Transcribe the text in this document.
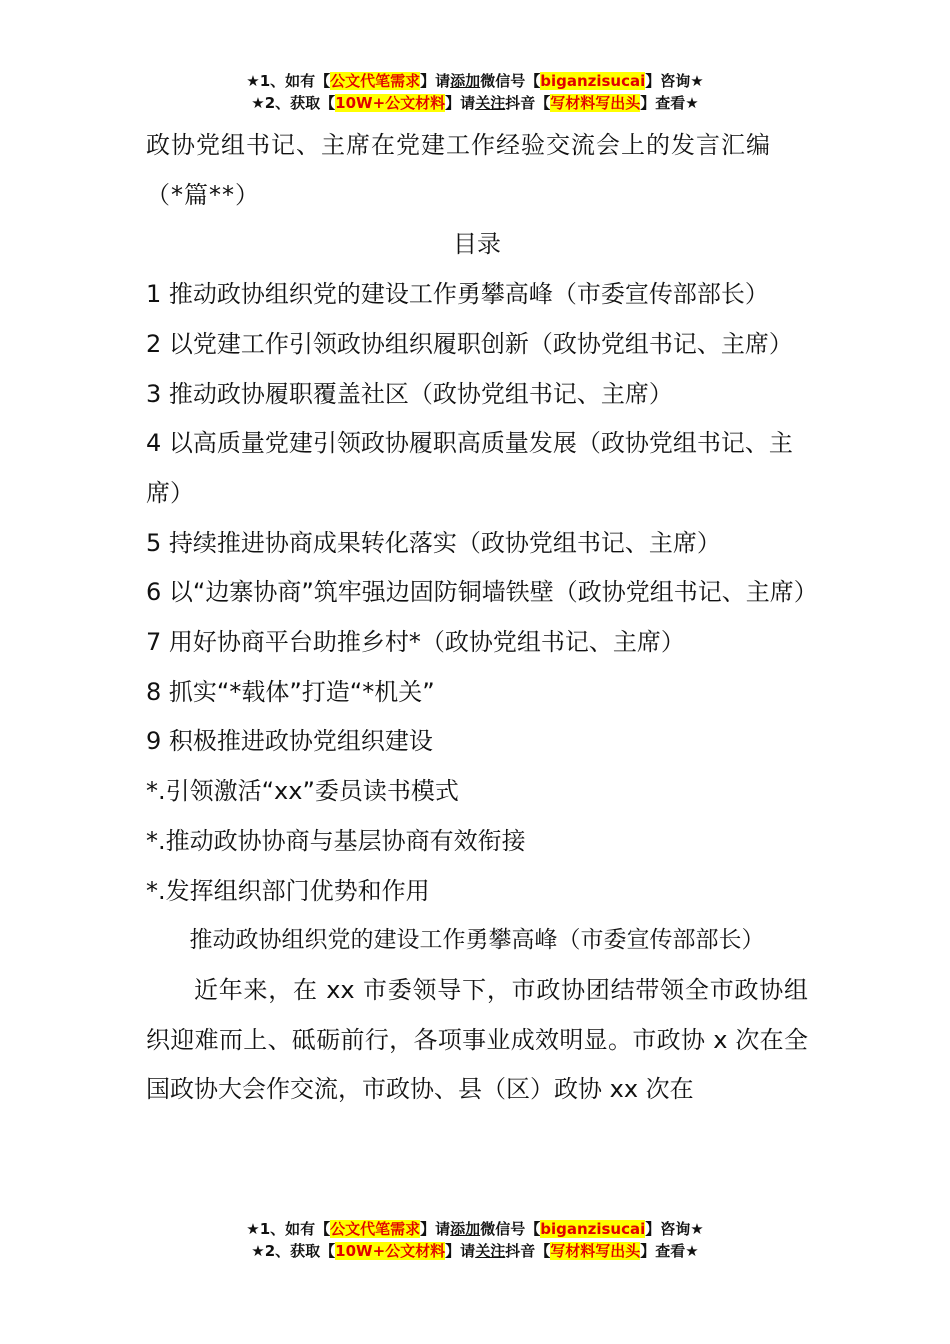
★1、如有【公文代笔需求】请添加微信号【biganzisucai】咨询★
★2、获取【10W+公文材料】请关注抖音【写材料写出头】查看★

政协党组书记、主席在党建工作经验交流会上的发言汇编（*篇**）

目录

1 推动政协组织党的建设工作勇攀高峰（市委宣传部部长）

2 以党建工作引领政协组织履职创新（政协党组书记、主席）

3 推动政协履职覆盖社区（政协党组书记、主席）

4 以高质量党建引领政协履职高质量发展（政协党组书记、主席）

5 持续推进协商成果转化落实（政协党组书记、主席）

6 以“边寨协商”筑牢强边固防铜墙铁壁（政协党组书记、主席）

7 用好协商平台助推乡村*（政协党组书记、主席）

8 抓实“*载体”打造“*机关”

9 积极推进政协党组织建设

*.引领激活“xx”委员读书模式

*.推动政协协商与基层协商有效衔接

*.发挥组织部门优势和作用

推动政协组织党的建设工作勇攀高峰（市委宣传部部长）

近年来，在 xx 市委领导下，市政协团结带领全市政协组织迎难而上、砥砺前行，各项事业成效明显。市政协 x 次在全国政协大会作交流，市政协、县（区）政协 xx 次在

★1、如有【公文代笔需求】请添加微信号【biganzisucai】咨询★
★2、获取【10W+公文材料】请关注抖音【写材料写出头】查看★
